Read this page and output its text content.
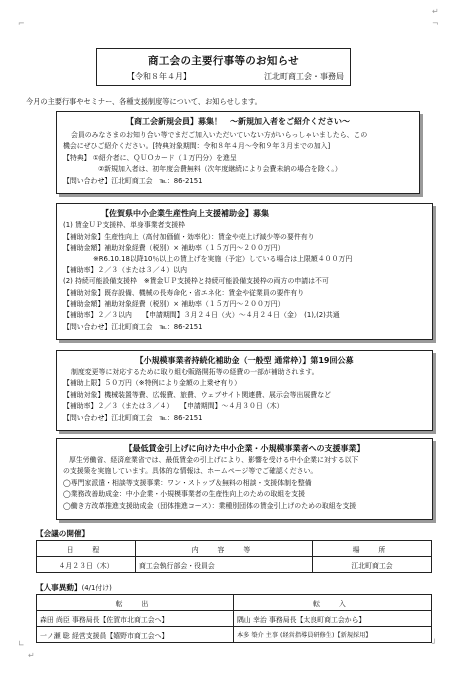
↵
⌐	¬
∟	┘
↵
商工会の主要行事等のお知らせ
【令和８年４月】	江北町商工会・事務局
今月の主要行事やセミナー、各種支援制度等について、お知らせします。
【商工会新規会員】募集！　～新規加入者をご紹介ください～
会員のみなさまのお知り合い等でまだご加入いただいていない方がいらっしゃいましたら、この
機会にぜひご紹介ください。[特典対象期間：令和８年４月～令和９年３月までの加入]
【特典】 ①紹介者に、ＱＵＯカード（１万円分）を進呈
②新規加入者は、初年度会費無料（次年度継続により会費未納の場合を除く。）
【問い合わせ】江北町商工会　℡：86-2151
【佐賀県中小企業生産性向上支援補助金】募集
(1) 賃金ＵＰ支援枠、単身事業者支援枠
【補助対象】生産性向上（高付加価値・効率化）：賃金や売上げ減少等の要件有り
【補助金額】補助対象経費（税別）× 補助率（１５万円～２００万円）
※R6.10.18以降10％以上の賃上げを実施（予定）している場合は上限額４００万円
【補助率】２／３（または３／４）以内
(2) 持続可能設備支援枠　※賃金ＵＰ支援枠と持続可能設備支援枠の両方の申請は不可
【補助対象】既存設備、機械の長寿命化・省エネ化：賃金や従業員の要件有り
【補助金額】補助対象経費（税別）× 補助率（１５万円～２００万円）
【補助率】２／３以内　　【申請期間】３月２４日（火）～４月２４日（金）　(1),(2)共通
【問い合わせ】江北町商工会　℡：86-2151
【小規模事業者持続化補助金（一般型 通常枠）】第19回公募
制度変更等に対応するために取り組む販路開拓等の経費の一部が補助されます。
【補助上限】５０万円（※特例により金額の上乗せ有り）
【補助対象】機械装置等費、広報費、旅費、ウェブサイト関連費、展示会等出展費など
【補助率】２／３（または３／４）　　【申請期間】～４月３０日（木）
【問い合わせ】江北町商工会　℡：86-2151
【最低賃金引上げに向けた中小企業・小規模事業者への支援事業】
厚生労働省、経済産業省では、最低賃金の引上げにより、影響を受ける中小企業に対する以下
の支援策を実施しています。具体的な情報は、ホームページ等でご確認ください。
◯専門家派遣・相談等支援事業：ワン・ストップ＆無料の相談・支援体制を整備
◯業務改善助成金：中小企業・小規模事業者の生産性向上のための取組を支援
◯働き方改革推進支援助成金（団体推進コース）：業種別団体の賃金引上げのための取組を支援
【会議の開催】
日　程	内　容　等	場　所
４月２３日（木）	商工会執行部会・役員会	江北町商工会
【人事異動】(4/1付け)
転　出	転　入
森田 尚臣 事務局長【佐賀市北商工会へ】	隅山 幸治 事務局長【太良町商工会から】
一ノ瀬 聡 経営支援員【嬉野市商工会へ】	本多 築介 主事 (経営指導員研修生)【新規採用】
